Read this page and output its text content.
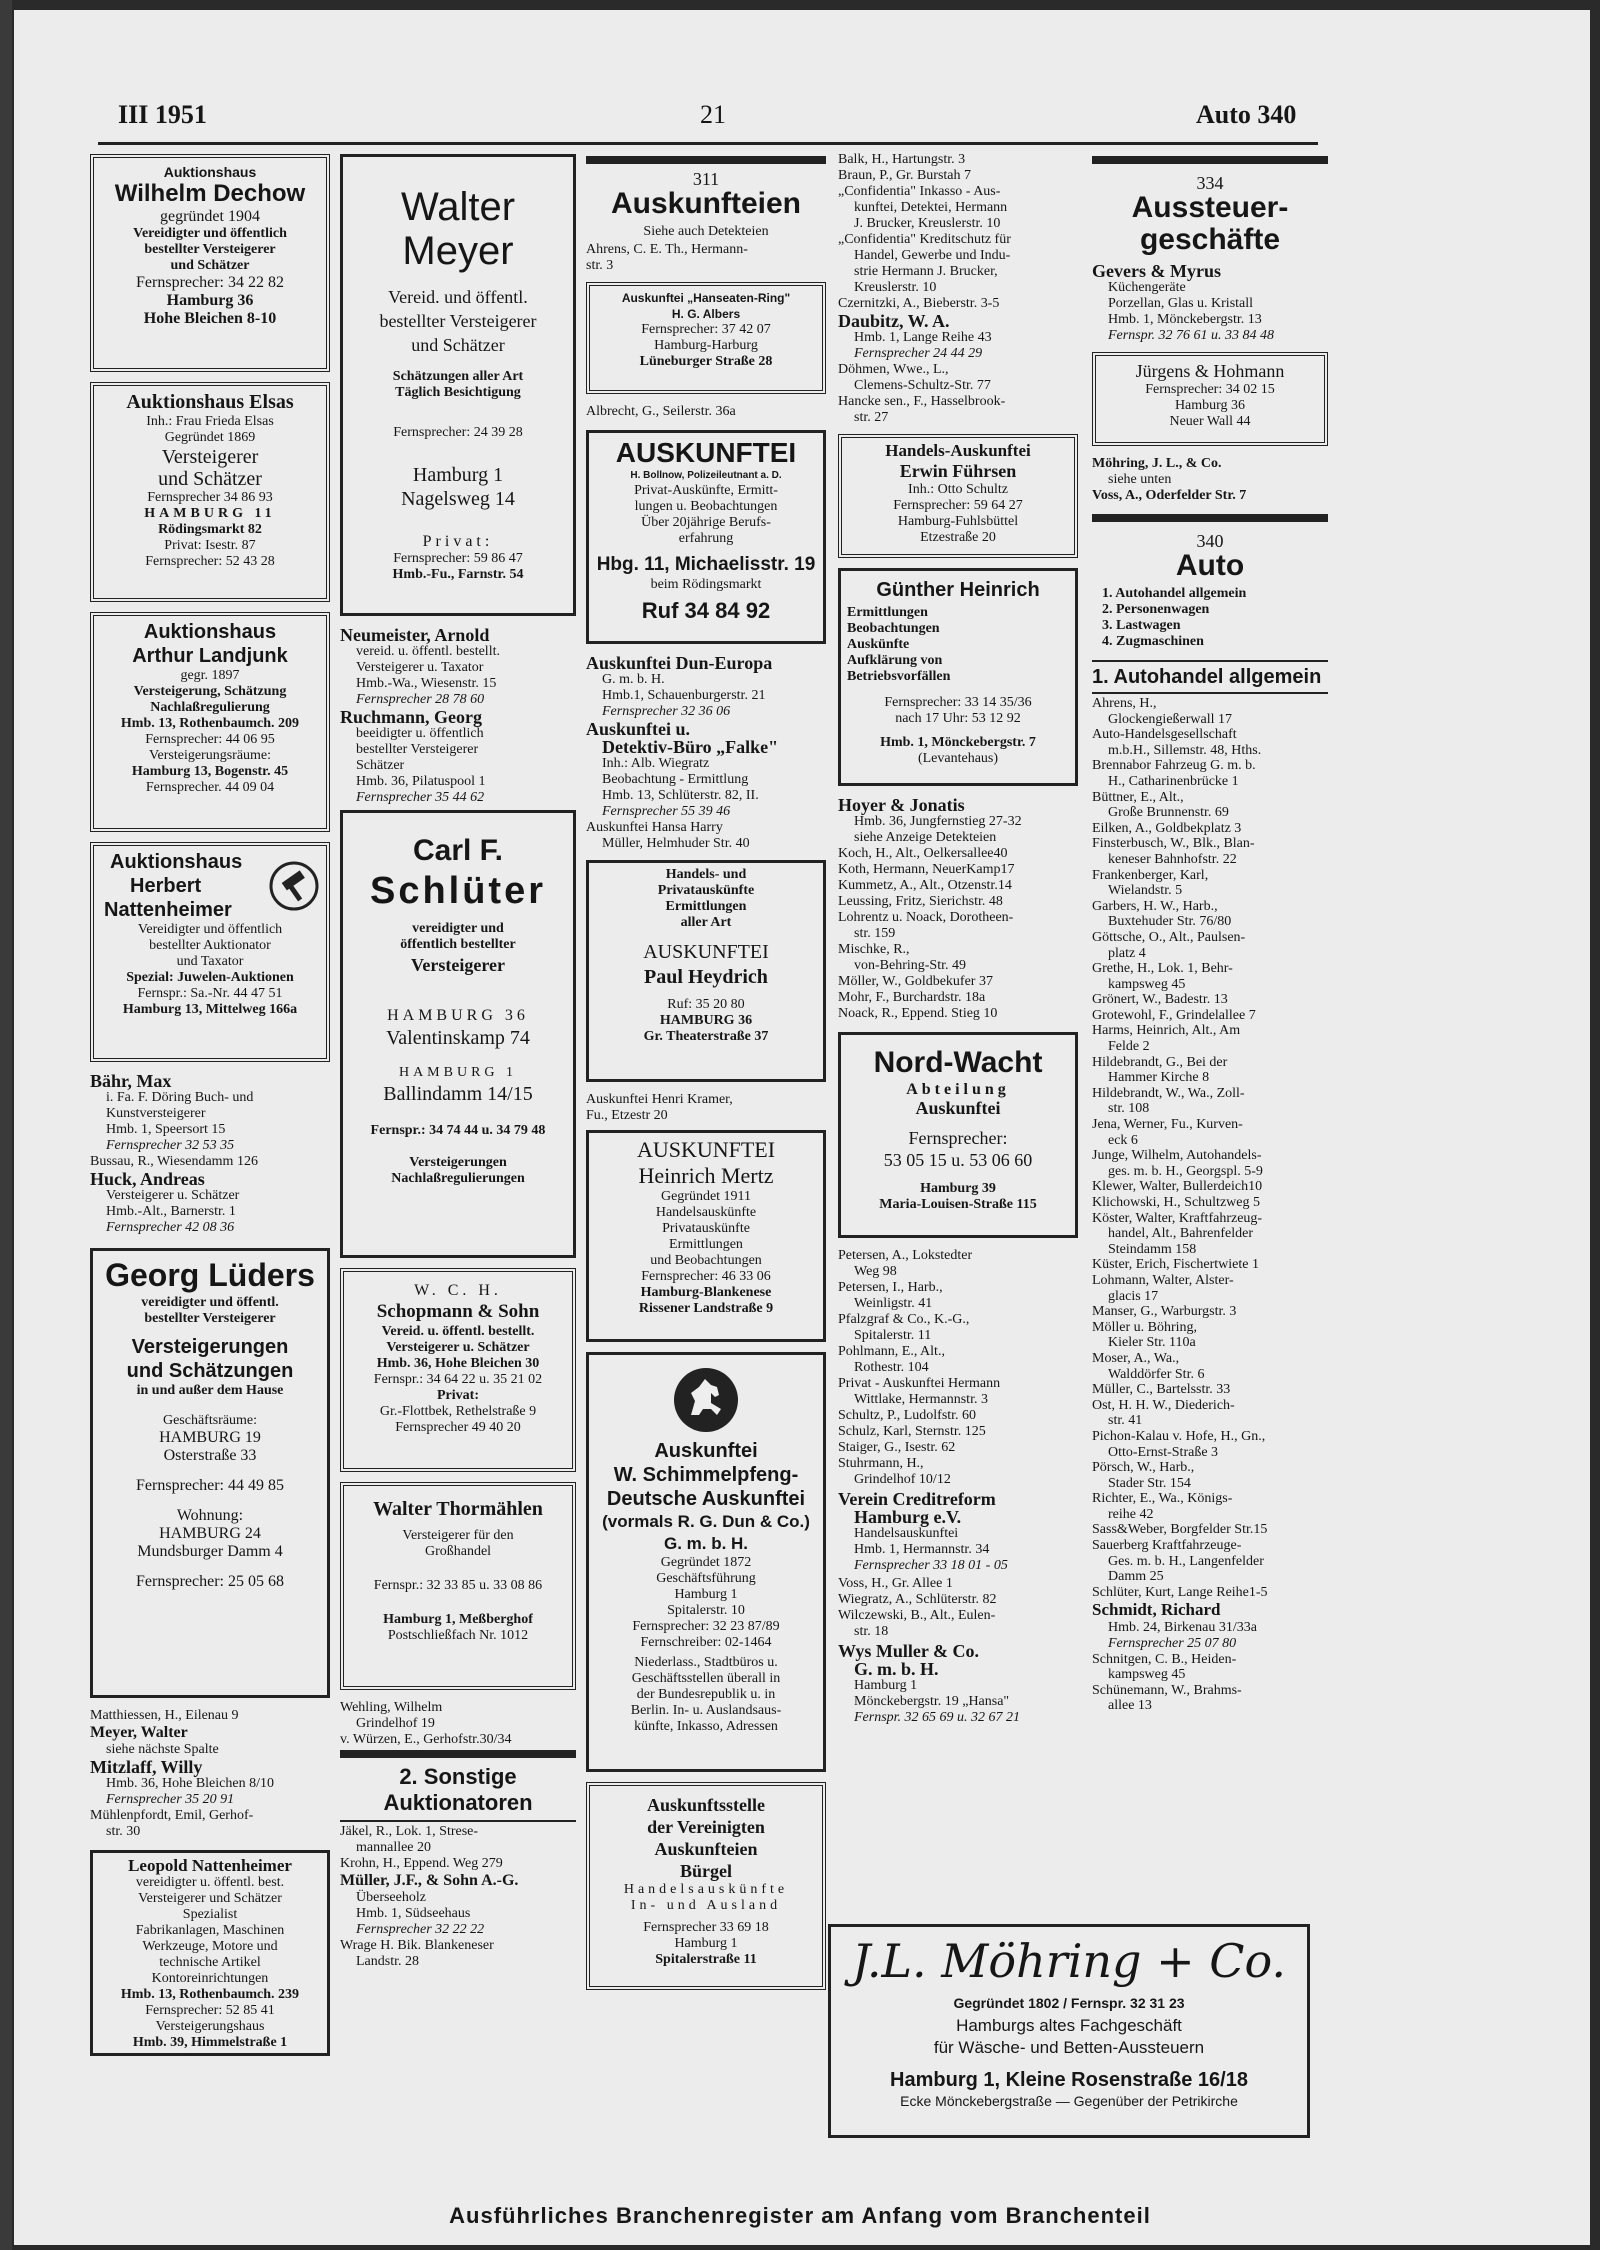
III 1951	21	Auto 340
Auktionshaus
Wilhelm Dechow
gegründet 1904
Vereidigter und öffentlich
bestellter Versteigerer
und Schätzer
Fernsprecher: 34 22 82
Hamburg 36
Hohe Bleichen 8-10
Auktionshaus Elsas
Inh.: Frau Frieda Elsas
Gegründet 1869
Versteigerer
und Schätzer
Fernsprecher 34 86 93
HAMBURG 11
Rödingsmarkt 82
Privat: Isestr. 87
Fernsprecher: 52 43 28
Auktionshaus
Arthur Landjunk
gegr. 1897
Versteigerung, Schätzung
Nachlaßregulierung
Hmb. 13, Rothenbaumch. 209
Fernsprecher: 44 06 95
Versteigerungsräume:
Hamburg 13, Bogenstr. 45
Fernsprecher. 44 09 04
Auktionshaus
Herbert
Nattenheimer
Vereidigter und öffentlich
bestellter Auktionator
und Taxator
Spezial: Juwelen-Auktionen
Fernspr.: Sa.-Nr. 44 47 51
Hamburg 13, Mittelweg 166a
Bähr, Max
i. Fa. F. Döring Buch- und
Kunstversteigerer
Hmb. 1, Speersort 15
Fernsprecher 32 53 35
Bussau, R., Wiesendamm 126
Huck, Andreas
Versteigerer u. Schätzer
Hmb.-Alt., Barnerstr. 1
Fernsprecher 42 08 36
Georg Lüders
vereidigter und öffentl.
bestellter Versteigerer
Versteigerungen
und Schätzungen
in und außer dem Hause
Geschäftsräume:
HAMBURG 19
Osterstraße 33
Fernsprecher: 44 49 85
Wohnung:
HAMBURG 24
Mundsburger Damm 4
Fernsprecher: 25 05 68
Matthiessen, H., Eilenau 9
Meyer, Walter
siehe nächste Spalte
Mitzlaff, Willy
Hmb. 36, Hohe Bleichen 8/10
Fernsprecher 35 20 91
Mühlenpfordt, Emil, Gerhof-
str. 30
Leopold Nattenheimer
vereidigter u. öffentl. best.
Versteigerer und Schätzer
Spezialist
Fabrikanlagen, Maschinen
Werkzeuge, Motore und
technische Artikel
Kontoreinrichtungen
Hmb. 13, Rothenbaumch. 239
Fernsprecher: 52 85 41
Versteigerungshaus
Hmb. 39, Himmelstraße 1
Walter Meyer
Vereid. und öffentl.
bestellter Versteigerer
und Schätzer
Schätzungen aller Art
Täglich Besichtigung
Fernsprecher: 24 39 28
Hamburg 1
Nagelsweg 14
Privat:
Fernsprecher: 59 86 47
Hmb.-Fu., Farnstr. 54
Neumeister, Arnold
vereid. u. öffentl. bestellt.
Versteigerer u. Taxator
Hmb.-Wa., Wiesenstr. 15
Fernsprecher 28 78 60
Ruchmann, Georg
beeidigter u. öffentlich
bestellter Versteigerer
Schätzer
Hmb. 36, Pilatuspool 1
Fernsprecher 35 44 62
Carl F.
Schlüter
vereidigter und
öffentlich bestellter
Versteigerer
HAMBURG 36
Valentinskamp 74
HAMBURG 1
Ballindamm 14/15
Fernspr.: 34 74 44 u. 34 79 48
Versteigerungen
Nachlaßregulierungen
W. C. H.
Schopmann & Sohn
Vereid. u. öffentl. bestellt.
Versteigerer u. Schätzer
Hmb. 36, Hohe Bleichen 30
Fernspr.: 34 64 22 u. 35 21 02
Privat:
Gr.-Flottbek, Rethelstraße 9
Fernsprecher 49 40 20
Walter Thormählen
Versteigerer für den
Großhandel
Fernspr.: 32 33 85 u. 33 08 86
Hamburg 1, Meßberghof
Postschließfach Nr. 1012
Wehling, Wilhelm
Grindelhof 19
v. Würzen, E., Gerhofstr.30/34
2. Sonstige
Auktionatoren
Jäkel, R., Lok. 1, Strese-
mannallee 20
Krohn, H., Eppend. Weg 279
Müller, J.F., & Sohn A.-G.
Überseeholz
Hmb. 1, Südseehaus
Fernsprecher 32 22 22
Wrage H. Bik. Blankeneser
Landstr. 28
311
Auskunfteien
Siehe auch Detekteien
Ahrens, C. E. Th., Hermann-
str. 3
Auskunftei „Hanseaten-Ring"
H. G. Albers
Fernsprecher: 37 42 07
Hamburg-Harburg
Lüneburger Straße 28
Albrecht, G., Seilerstr. 36a
AUSKUNFTEI
H. Bollnow, Polizeileutnant a. D.
Privat-Auskünfte, Ermitt-
lungen u. Beobachtungen
Über 20jährige Berufs-
erfahrung
Hbg. 11, Michaelisstr. 19
beim Rödingsmarkt
Ruf 34 84 92
Auskunftei Dun-Europa
G. m. b. H.
Hmb.1, Schauenburgerstr. 21
Fernsprecher 32 36 06
Auskunftei u.
Detektiv-Büro „Falke"
Inh.: Alb. Wiegratz
Beobachtung - Ermittlung
Hmb. 13, Schlüterstr. 82, II.
Fernsprecher 55 39 46
Auskunftei Hansa Harry
Müller, Helmhuder Str. 40
Handels- und
Privatauskünfte
Ermittlungen
aller Art
AUSKUNFTEI
Paul Heydrich
Ruf: 35 20 80
HAMBURG 36
Gr. Theaterstraße 37
Auskunftei Henri Kramer,
Fu., Etzestr 20
AUSKUNFTEI
Heinrich Mertz
Gegründet 1911
Handelsauskünfte
Privatauskünfte
Ermittlungen
und Beobachtungen
Fernsprecher: 46 33 06
Hamburg-Blankenese
Rissener Landstraße 9
Auskunftei
W. Schimmelpfeng-
Deutsche Auskunftei
(vormals R. G. Dun & Co.)
G. m. b. H.
Gegründet 1872
Geschäftsführung
Hamburg 1
Spitalerstr. 10
Fernsprecher: 32 23 87/89
Fernschreiber: 02-1464
Niederlass., Stadtbüros u.
Geschäftsstellen überall in
der Bundesrepublik u. in
Berlin. In- u. Auslandsaus-
künfte, Inkasso, Adressen
Auskunftsstelle
der Vereinigten
Auskunfteien
Bürgel
Handelsauskünfte
In- und Ausland
Fernsprecher 33 69 18
Hamburg 1
Spitalerstraße 11
Balk, H., Hartungstr. 3
Braun, P., Gr. Burstah 7
„Confidentia" Inkasso - Aus-
kunftei, Detektei, Hermann
J. Brucker, Kreuslerstr. 10
„Confidentia" Kreditschutz für
Handel, Gewerbe und Indu-
strie Hermann J. Brucker,
Kreuslerstr. 10
Czernitzki, A., Bieberstr. 3-5
Daubitz, W. A.
Hmb. 1, Lange Reihe 43
Fernsprecher 24 44 29
Döhmen, Wwe., L.,
Clemens-Schultz-Str. 77
Hancke sen., F., Hasselbrook-
str. 27
Handels-Auskunftei
Erwin Führsen
Inh.: Otto Schultz
Fernsprecher: 59 64 27
Hamburg-Fuhlsbüttel
Etzestraße 20
Günther Heinrich
Ermittlungen
Beobachtungen
Auskünfte
Aufklärung von
Betriebsvorfällen
Fernsprecher: 33 14 35/36
nach 17 Uhr: 53 12 92
Hmb. 1, Mönckebergstr. 7
(Levantehaus)
Hoyer & Jonatis
Hmb. 36, Jungfernstieg 27-32
siehe Anzeige Detekteien
Koch, H., Alt., Oelkersallee40
Koth, Hermann, NeuerKamp17
Kummetz, A., Alt., Otzenstr.14
Leussing, Fritz, Sierichstr. 48
Lohrentz u. Noack, Dorotheen-
str. 159
Mischke, R.,
von-Behring-Str. 49
Möller, W., Goldbekufer 37
Mohr, F., Burchardstr. 18a
Noack, R., Eppend. Stieg 10
Nord-Wacht
Abteilung
Auskunftei
Fernsprecher:
53 05 15 u. 53 06 60
Hamburg 39
Maria-Louisen-Straße 115
Petersen, A., Lokstedter
Weg 98
Petersen, I., Harb.,
Weinligstr. 41
Pfalzgraf & Co., K.-G.,
Spitalerstr. 11
Pohlmann, E., Alt.,
Rothestr. 104
Privat - Auskunftei Hermann
Wittlake, Hermannstr. 3
Schultz, P., Ludolfstr. 60
Schulz, Karl, Sternstr. 125
Staiger, G., Isestr. 62
Stuhrmann, H.,
Grindelhof 10/12
Verein Creditreform
Hamburg e.V.
Handelsauskunftei
Hmb. 1, Hermannstr. 34
Fernsprecher 33 18 01 - 05
Voss, H., Gr. Allee 1
Wiegratz, A., Schlüterstr. 82
Wilczewski, B., Alt., Eulen-
str. 18
Wys Muller & Co.
G. m. b. H.
Hamburg 1
Mönckebergstr. 19 „Hansa"
Fernspr. 32 65 69 u. 32 67 21
334
Aussteuer-geschäfte
Gevers & Myrus
Küchengeräte
Porzellan, Glas u. Kristall
Hmb. 1, Mönckebergstr. 13
Fernspr. 32 76 61 u. 33 84 48
Jürgens & Hohmann
Fernsprecher: 34 02 15
Hamburg 36
Neuer Wall 44
Möhring, J. L., & Co.
siehe unten
Voss, A., Oderfelder Str. 7
340
Auto
1. Autohandel allgemein
2. Personenwagen
3. Lastwagen
4. Zugmaschinen
1. Autohandel allgemein
Ahrens, H.,
Glockengießerwall 17
Auto-Handelsgesellschaft
m.b.H., Sillemstr. 48, Hths.
Brennabor Fahrzeug G. m. b.
H., Catharinenbrücke 1
Büttner, E., Alt.,
Große Brunnenstr. 69
Eilken, A., Goldbekplatz 3
Finsterbusch, W., Blk., Blan-
keneser Bahnhofstr. 22
Frankenberger, Karl,
Wielandstr. 5
Garbers, H. W., Harb.,
Buxtehuder Str. 76/80
Göttsche, O., Alt., Paulsen-
platz 4
Grethe, H., Lok. 1, Behr-
kampsweg 45
Grönert, W., Badestr. 13
Grotewohl, F., Grindelallee 7
Harms, Heinrich, Alt., Am
Felde 2
Hildebrandt, G., Bei der
Hammer Kirche 8
Hildebrandt, W., Wa., Zoll-
str. 108
Jena, Werner, Fu., Kurven-
eck 6
Junge, Wilhelm, Autohandels-
ges. m. b. H., Georgspl. 5-9
Klewer, Walter, Bullerdeich10
Klichowski, H., Schultzweg 5
Köster, Walter, Kraftfahrzeug-
handel, Alt., Bahrenfelder
Steindamm 158
Küster, Erich, Fischertwiete 1
Lohmann, Walter, Alster-
glacis 17
Manser, G., Warburgstr. 3
Möller u. Böhring,
Kieler Str. 110a
Moser, A., Wa.,
Walddörfer Str. 6
Müller, C., Bartelsstr. 33
Ost, H. H. W., Diederich-
str. 41
Pichon-Kalau v. Hofe, H., Gn.,
Otto-Ernst-Straße 3
Pörsch, W., Harb.,
Stader Str. 154
Richter, E., Wa., Königs-
reihe 42
Sass&Weber, Borgfelder Str.15
Sauerberg Kraftfahrzeuge-
Ges. m. b. H., Langenfelder
Damm 25
Schlüter, Kurt, Lange Reihe1-5
Schmidt, Richard
Hmb. 24, Birkenau 31/33a
Fernsprecher 25 07 80
Schnitgen, C. B., Heiden-
kampsweg 45
Schünemann, W., Brahms-
allee 13
J.L. Möhring + Co.
Gegründet 1802 / Fernspr. 32 31 23
Hamburgs altes Fachgeschäft
für Wäsche- und Betten-Aussteuern
Hamburg 1, Kleine Rosenstraße 16/18
Ecke Mönckebergstraße — Gegenüber der Petrikirche
Ausführliches Branchenregister am Anfang vom Branchenteil
